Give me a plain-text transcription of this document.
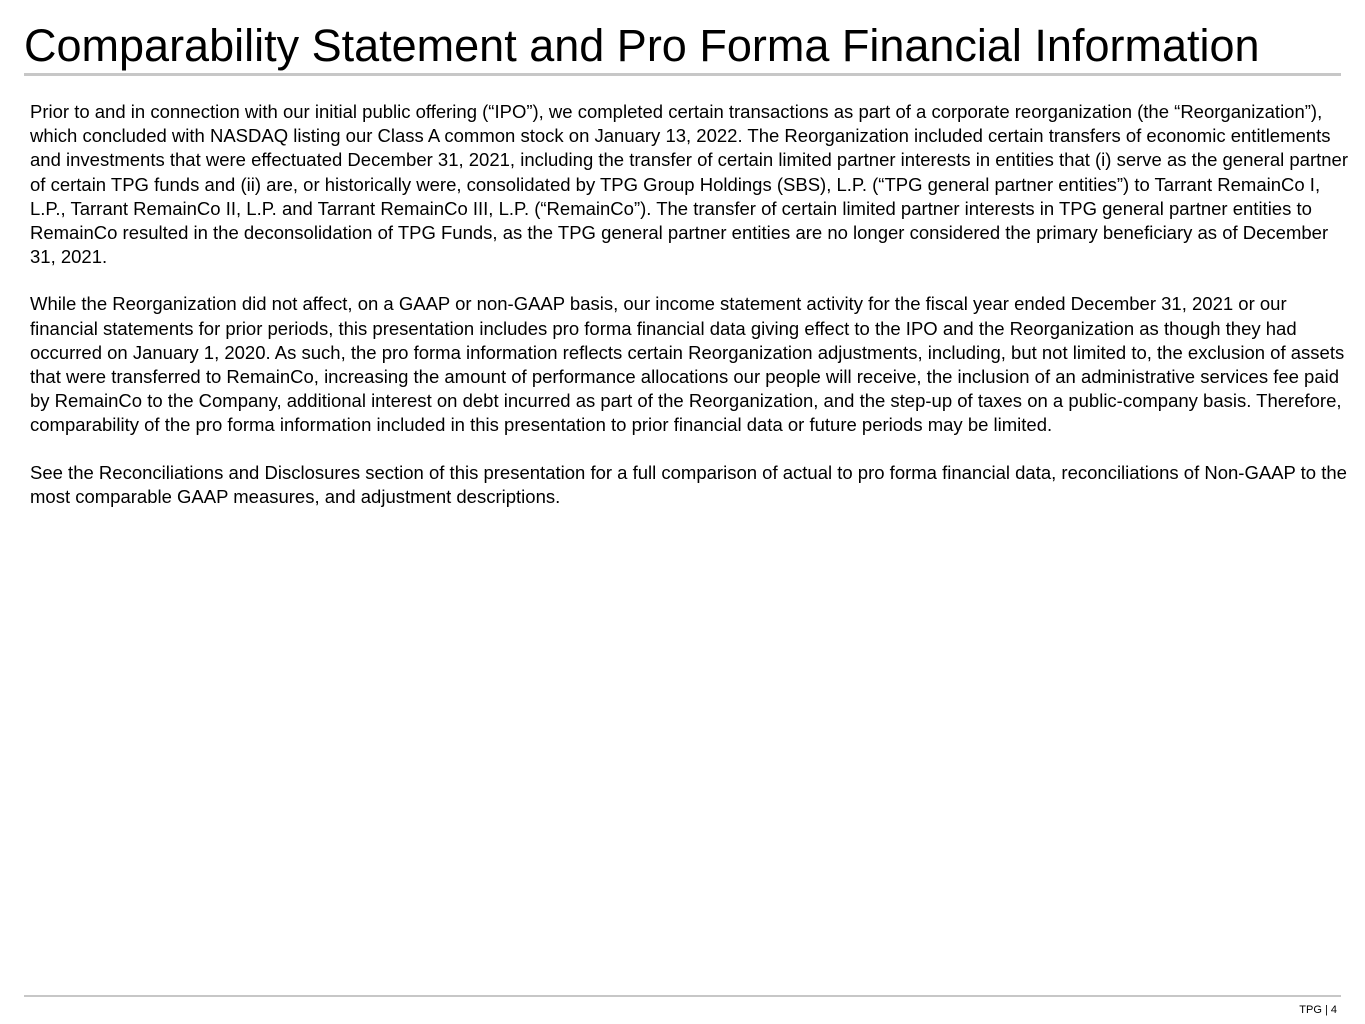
Comparability Statement and Pro Forma Financial Information

Prior to and in connection with our initial public offering (“IPO”), we completed certain transactions as part of a corporate reorganization (the “Reorganization”), which concluded with NASDAQ listing our Class A common stock on January 13, 2022. The Reorganization included certain transfers of economic entitlements and investments that were effectuated December 31, 2021, including the transfer of certain limited partner interests in entities that (i) serve as the general partner of certain TPG funds and (ii) are, or historically were, consolidated by TPG Group Holdings (SBS), L.P. (“TPG general partner entities”) to Tarrant RemainCo I, L.P., Tarrant RemainCo II, L.P. and Tarrant RemainCo III, L.P. (“RemainCo”). The transfer of certain limited partner interests in TPG general partner entities to RemainCo resulted in the deconsolidation of TPG Funds, as the TPG general partner entities are no longer considered the primary beneficiary as of December 31, 2021.

While the Reorganization did not affect, on a GAAP or non-GAAP basis, our income statement activity for the fiscal year ended December 31, 2021 or our financial statements for prior periods, this presentation includes pro forma financial data giving effect to the IPO and the Reorganization as though they had occurred on January 1, 2020. As such, the pro forma information reflects certain Reorganization adjustments, including, but not limited to, the exclusion of assets that were transferred to RemainCo, increasing the amount of performance allocations our people will receive, the inclusion of an administrative services fee paid by RemainCo to the Company, additional interest on debt incurred as part of the Reorganization, and the step-up of taxes on a public-company basis. Therefore, comparability of the pro forma information included in this presentation to prior financial data or future periods may be limited.

See the Reconciliations and Disclosures section of this presentation for a full comparison of actual to pro forma financial data, reconciliations of Non-GAAP to the most comparable GAAP measures, and adjustment descriptions.

TPG | 4
